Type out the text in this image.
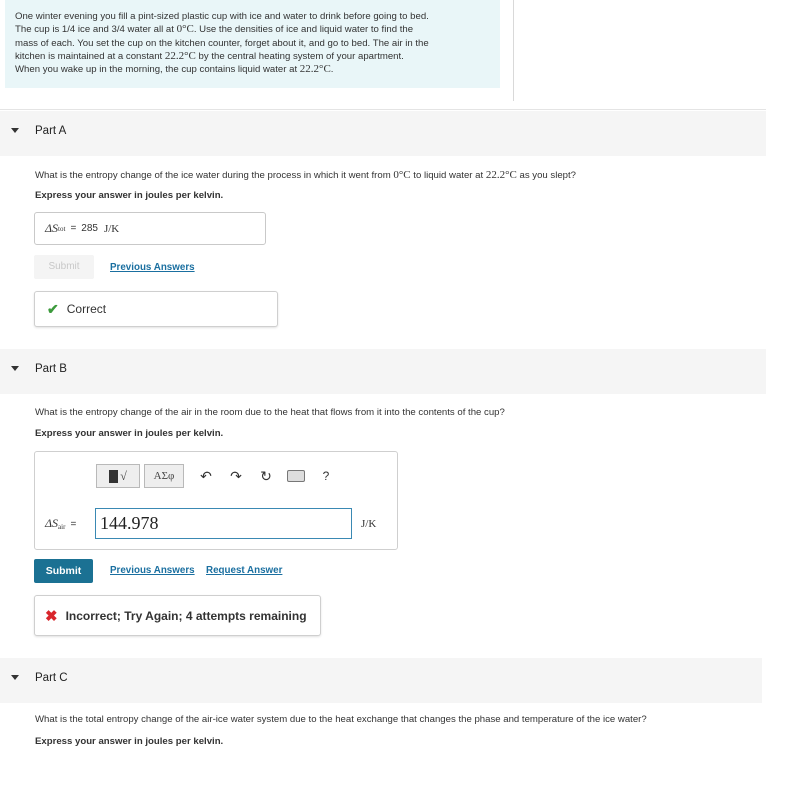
One winter evening you fill a pint-sized plastic cup with ice and water to drink before going to bed.
The cup is 1/4 ice and 3/4 water all at 0°C. Use the densities of ice and liquid water to find the
mass of each. You set the cup on the kitchen counter, forget about it, and go to bed. The air in the
kitchen is maintained at a constant 22.2°C by the central heating system of your apartment.
When you wake up in the morning, the cup contains liquid water at 22.2°C.
Part A
What is the entropy change of the ice water during the process in which it went from 0°C to liquid water at 22.2°C as you slept?
Express your answer in joules per kelvin.
ΔS tot = 285 J/K
Submit	Previous Answers
✔ Correct
Part B
What is the entropy change of the air in the room due to the heat that flows from it into the contents of the cup?
Express your answer in joules per kelvin.
√	ΑΣφ	↶	↷	↻	?
$\Delta S_{air} = 144.978$	J/K
Submit	Previous Answers Request Answer
✖ Incorrect; Try Again; 4 attempts remaining
Part C
What is the total entropy change of the air-ice water system due to the heat exchange that changes the phase and temperature of the ice water?
Express your answer in joules per kelvin.
